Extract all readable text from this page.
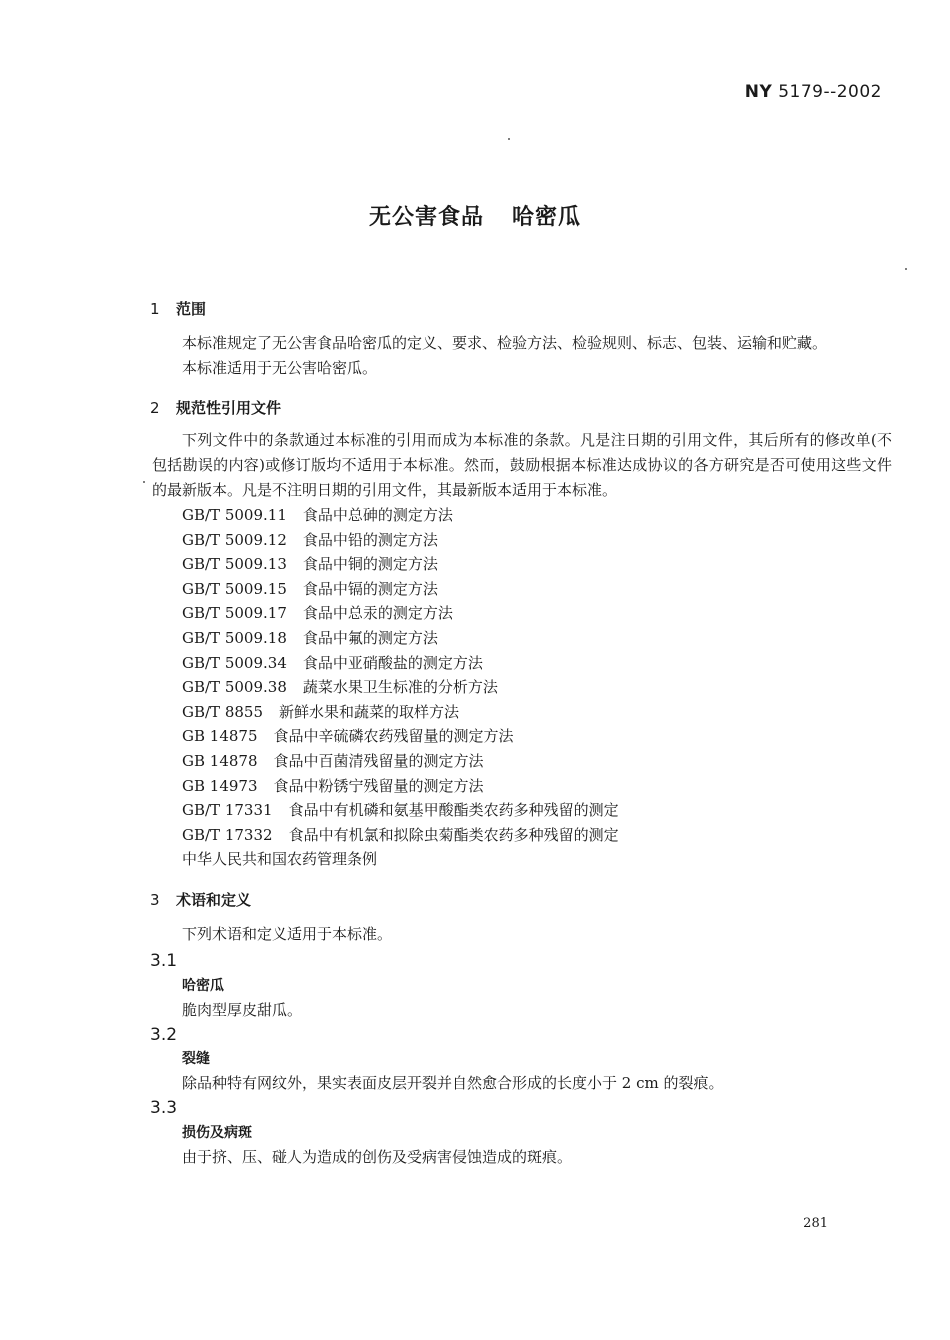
NY 5179--2002
无公害食品 哈密瓜
1 范围
本标准规定了无公害食品哈密瓜的定义、要求、检验方法、检验规则、标志、包装、运输和贮藏。
本标准适用于无公害哈密瓜。
2 规范性引用文件
下列文件中的条款通过本标准的引用而成为本标准的条款。凡是注日期的引用文件，其后所有的修改单(不包括勘误的内容)或修订版均不适用于本标准。然而，鼓励根据本标准达成协议的各方研究是否可使用这些文件的最新版本。凡是不注明日期的引用文件，其最新版本适用于本标准。
GB/T 5009.11 食品中总砷的测定方法
GB/T 5009.12 食品中铅的测定方法
GB/T 5009.13 食品中铜的测定方法
GB/T 5009.15 食品中镉的测定方法
GB/T 5009.17 食品中总汞的测定方法
GB/T 5009.18 食品中氟的测定方法
GB/T 5009.34 食品中亚硝酸盐的测定方法
GB/T 5009.38 蔬菜水果卫生标准的分析方法
GB/T 8855 新鲜水果和蔬菜的取样方法
GB 14875 食品中辛硫磷农药残留量的测定方法
GB 14878 食品中百菌清残留量的测定方法
GB 14973 食品中粉锈宁残留量的测定方法
GB/T 17331 食品中有机磷和氨基甲酸酯类农药多种残留的测定
GB/T 17332 食品中有机氯和拟除虫菊酯类农药多种残留的测定
中华人民共和国农药管理条例
3 术语和定义
下列术语和定义适用于本标准。
3.1
哈密瓜
脆肉型厚皮甜瓜。
3.2
裂缝
除品种特有网纹外，果实表面皮层开裂并自然愈合形成的长度小于 2 cm 的裂痕。
3.3
损伤及病斑
由于挤、压、碰人为造成的创伤及受病害侵蚀造成的斑痕。
281
